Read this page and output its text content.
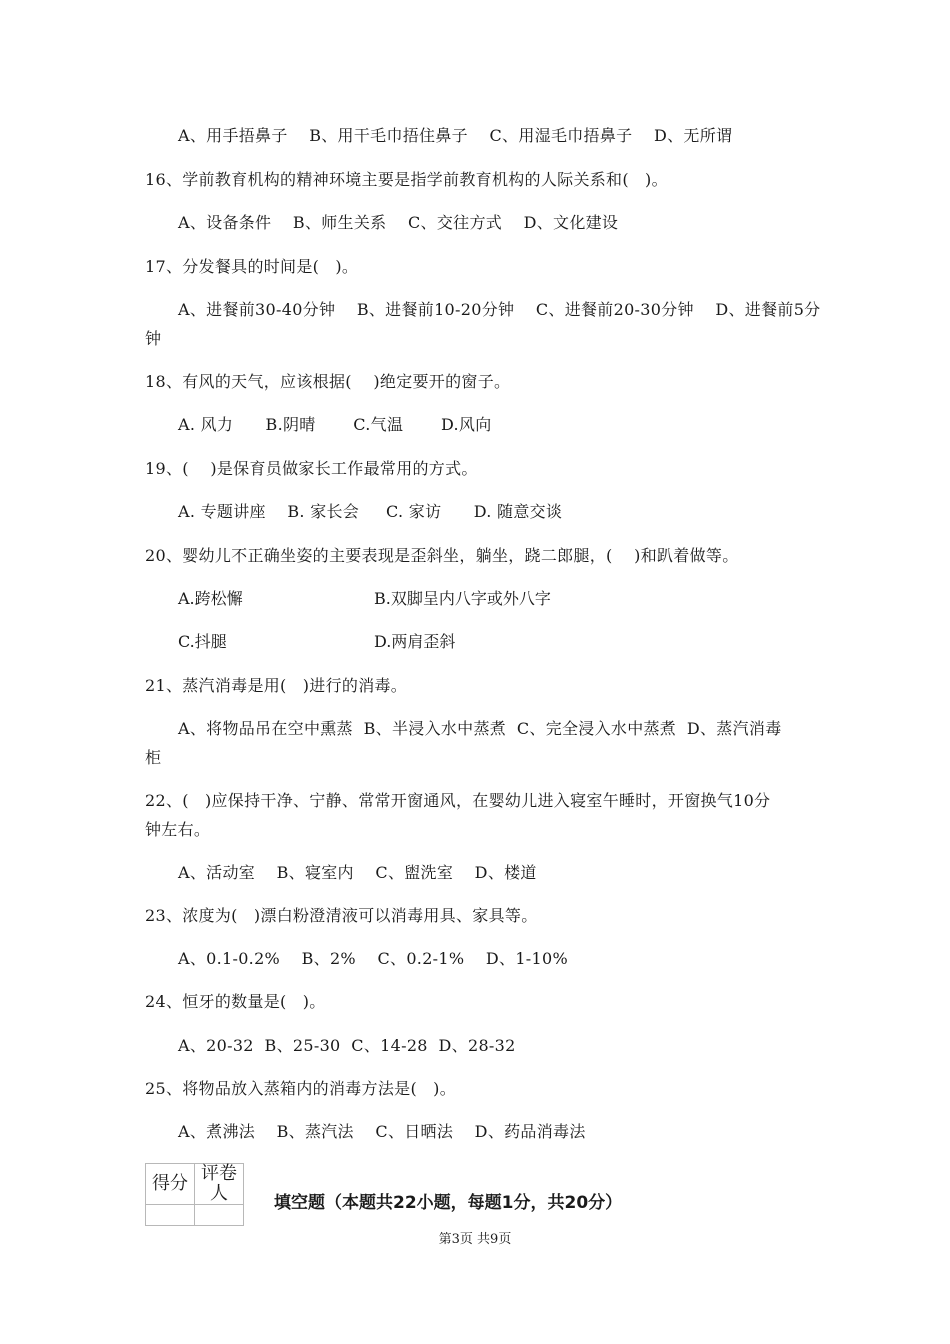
A、用手捂鼻子    B、用干毛巾捂住鼻子    C、用湿毛巾捂鼻子    D、无所谓
16、学前教育机构的精神环境主要是指学前教育机构的人际关系和(   )。
A、设备条件    B、师生关系    C、交往方式    D、文化建设
17、分发餐具的时间是(   )。
A、进餐前30-40分钟    B、进餐前10-20分钟    C、进餐前20-30分钟    D、进餐前5分
钟
18、有风的天气，应该根据(    )绝定要开的窗子。
A. 风力      B.阴晴       C.气温       D.风向
19、(    )是保育员做家长工作最常用的方式。
A. 专题讲座    B. 家长会     C. 家访      D. 随意交谈
20、婴幼儿不正确坐姿的主要表现是歪斜坐，躺坐，跷二郎腿，(    )和趴着做等。
A.跨松懈	B.双脚呈内八字或外八字
C.抖腿	D.两肩歪斜
21、蒸汽消毒是用(   )进行的消毒。
A、将物品吊在空中熏蒸  B、半浸入水中蒸煮  C、完全浸入水中蒸煮  D、蒸汽消毒
柜
22、(   )应保持干净、宁静、常常开窗通风，在婴幼儿进入寝室午睡时，开窗换气10分
钟左右。
A、活动室    B、寝室内    C、盥洗室    D、楼道
23、浓度为(   )漂白粉澄清液可以消毒用具、家具等。
A、0.1-0.2%    B、2%    C、0.2-1%    D、1-10%
24、恒牙的数量是(   )。
A、20-32  B、25-30  C、14-28  D、28-32
25、将物品放入蒸箱内的消毒方法是(   )。
A、煮沸法    B、蒸汽法    C、日晒法    D、药品消毒法
得分	评卷人
		填空题（本题共22小题，每题1分，共20分）
第3页 共9页
